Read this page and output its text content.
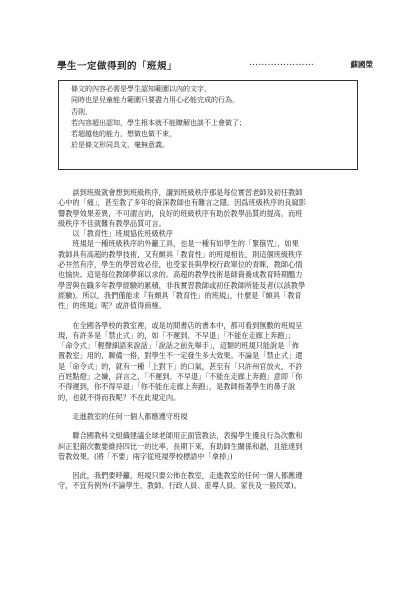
學生一定做得到的「班規」	…………………	蘇國榮
條文的內容必需是學生認知範圍以內的文字，
同時也是兒童能力範圍只要盡力用心必能完成的行為，
否則，
若內容超出認知，學生根本就不能瞭解也談不上會做了；
若超越他的能力，想做也做不來，
於是條文形同具文，毫無意義。
　　談到班級就會想到班級秩序，講到班級秩序那是每位實習老師及初任教師
心中的「痛」，甚至教了多年的資深教師也有難言之隱。因爲班級秩序的良窳影
響教學效果差異，不可謂言的，良好的班級秩序有助於教學品質的提高，而班
級秩序不佳就難有教學品質可言。
　　以「教育性」班規協佐班級秩序
　　班規是一種班級秩序的外籬工具，也是一種有如學生的「緊箍咒」，如果
教師具有高超的教學技術，又有頗具「教育性」的班規相佐，則這個班級秩序
必井然有序，學生的學習效必佳，也受家長與學校行政單位的青睞，教師心情
也愉快。這是每位教師夢寐以求的。高超的教學技術是師資養成教育時期醞力
學習與在職多年教學經驗的累積，非我實習教師或初任教師所能及者(以該教學
經驗)。所以，我們僅能求『有頗具「教育性」的班規』，什麼是『頗具「教育
性」的班規』呢？或許值得商榷。
　　在全國各學校的教室裡，或是坊間書店的書本中，都可看到無數的班規呈
現，有許多是「禁止式」的，如「不遲到、不早退」「不能在走廊上奔跑」；
「命令式」「輕聲細語來說話」「說話之前先舉手」，這類的班規只能說是「佈
置教室」用的，聊備一格，對學生不一定發生多大效果。不論是「禁止式」還
是「命令式」的，就有一種「上對下」的口氣，甚至有「只許州官放火，不許
百姓點燈」之嫌，詳言之，「不遲到、不早退」「不能在走廊上奔跑」意即「你
不得遲到，你不得早退」「你不能在走廊上奔跑」，是教師指著學生的鼻子說
的，也就不得而我呢？不在此規定內。
　　走進教室的任何一個人都應遵守班規
　　聯合國教科文組織建議全球老師用正面管教法，表揚學生優良行為次數和
糾正犯錯次數要維持四比一的比率，長期下來，有助師生關係和諧，且能達到
管教效果。(將「不要」兩字從班規學校標語中「拿掉」)
　　因此，我們要呼籲，班規只要公佈在教室，走進教室的任何一個人都應遵
守，不宜有例外(不論學生、教師、行政人員、蒞導人員、家長及一般民眾)。
